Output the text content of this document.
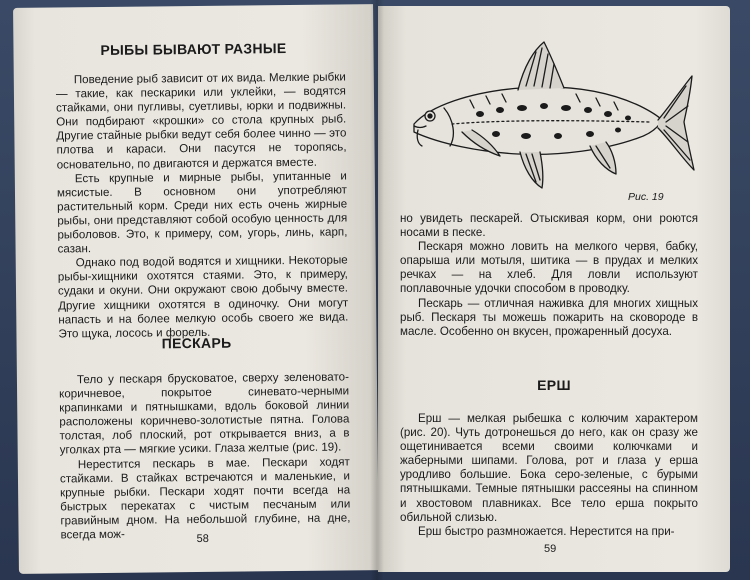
РЫБЫ БЫВАЮТ РАЗНЫЕ

Поведение рыб зависит от их вида. Мелкие рыбки — такие, как пескарики или уклейки, — водятся стайками, они пугливы, суетливы, юрки и подвижны. Они подбирают «крошки» со стола крупных рыб. Другие стайные рыбки ведут себя более чинно — это плотва и караси. Они пасутся не торопясь, основательно, по двигаются и держатся вместе.

Есть крупные и мирные рыбы, упитанные и мясистые. В основном они употребляют растительный корм. Среди них есть очень жирные рыбы, они представляют собой особую ценность для рыболовов. Это, к примеру, сом, угорь, линь, карп, сазан.

Однако под водой водятся и хищники. Некоторые рыбы-хищники охотятся стаями. Это, к примеру, судаки и окуни. Они окружают свою добычу вместе. Другие хищники охотятся в одиночку. Они могут напасть и на более мелкую особь своего же вида. Это щука, лосось и форель.

ПЕСКАРЬ

Тело у пескаря брусковатое, сверху зеленовато-коричневое, покрытое синевато-черными крапинками и пятнышками, вдоль боковой линии расположены коричнево-золотистые пятна. Голова толстая, лоб плоский, рот открывается вниз, а в уголках рта — мягкие усики. Глаза желтые (рис. 19).

Нерестится пескарь в мае. Пескари ходят стайками. В стайках встречаются и маленькие, и крупные рыбки. Пескари ходят почти всегда на быстрых перекатах с чистым песчаным или гравийным дном. На небольшой глубине, на дне, всегда мож-	58
Рис. 19

но увидеть пескарей. Отыскивая корм, они роются носами в песке.

Пескаря можно ловить на мелкого червя, бабку, опарыша или мотыля, шитика — в прудах и мелких речках — на хлеб. Для ловли используют поплавочные удочки способом в проводку.

Пескарь — отличная наживка для многих хищных рыб. Пескаря ты можешь пожарить на сковороде в масле. Особенно он вкусен, прожаренный досуха.

ЕРШ

Ерш — мелкая рыбешка с колючим характером (рис. 20). Чуть дотронешься до него, как он сразу же ощетинивается всеми своими колючками и жаберными шипами. Голова, рот и глаза у ерша уродливо большие. Бока серо-зеленые, с бурыми пятнышками. Темные пятнышки рассеяны на спинном и хвостовом плавниках. Все тело ерша покрыто обильной слизью.

Ерш быстро размножается. Нерестится на при-

59
